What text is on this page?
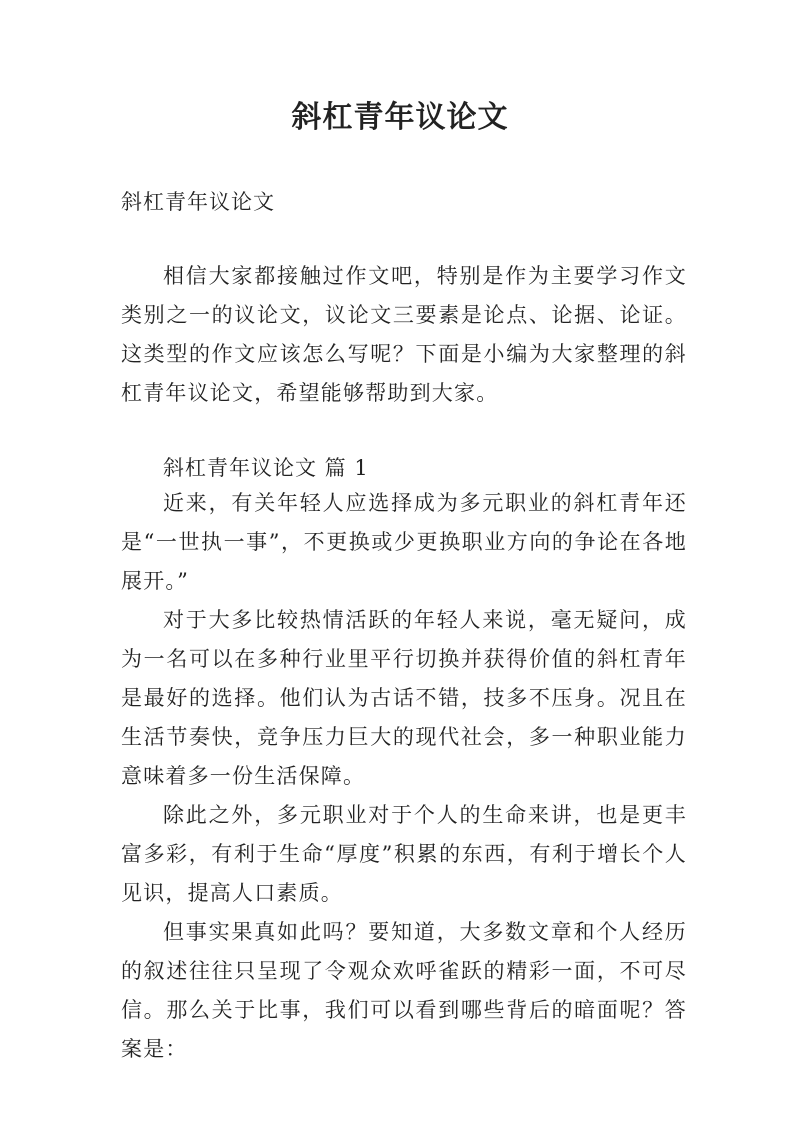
斜杠青年议论文
斜杠青年议论文

相信大家都接触过作文吧，特别是作为主要学习作文类别之一的议论文，议论文三要素是论点、论据、论证。这类型的作文应该怎么写呢？下面是小编为大家整理的斜杠青年议论文，希望能够帮助到大家。

斜杠青年议论文 篇 1

近来，有关年轻人应选择成为多元职业的斜杠青年还是“一世执一事”，不更换或少更换职业方向的争论在各地展开。”

对于大多比较热情活跃的年轻人来说，毫无疑问，成为一名可以在多种行业里平行切换并获得价值的斜杠青年是最好的选择。他们认为古话不错，技多不压身。况且在生活节奏快，竞争压力巨大的现代社会，多一种职业能力意味着多一份生活保障。

除此之外，多元职业对于个人的生命来讲，也是更丰富多彩，有利于生命“厚度”积累的东西，有利于增长个人见识，提高人口素质。

但事实果真如此吗？要知道，大多数文章和个人经历的叙述往往只呈现了令观众欢呼雀跃的精彩一面，不可尽信。那么关于比事，我们可以看到哪些背后的暗面呢？答案是：
